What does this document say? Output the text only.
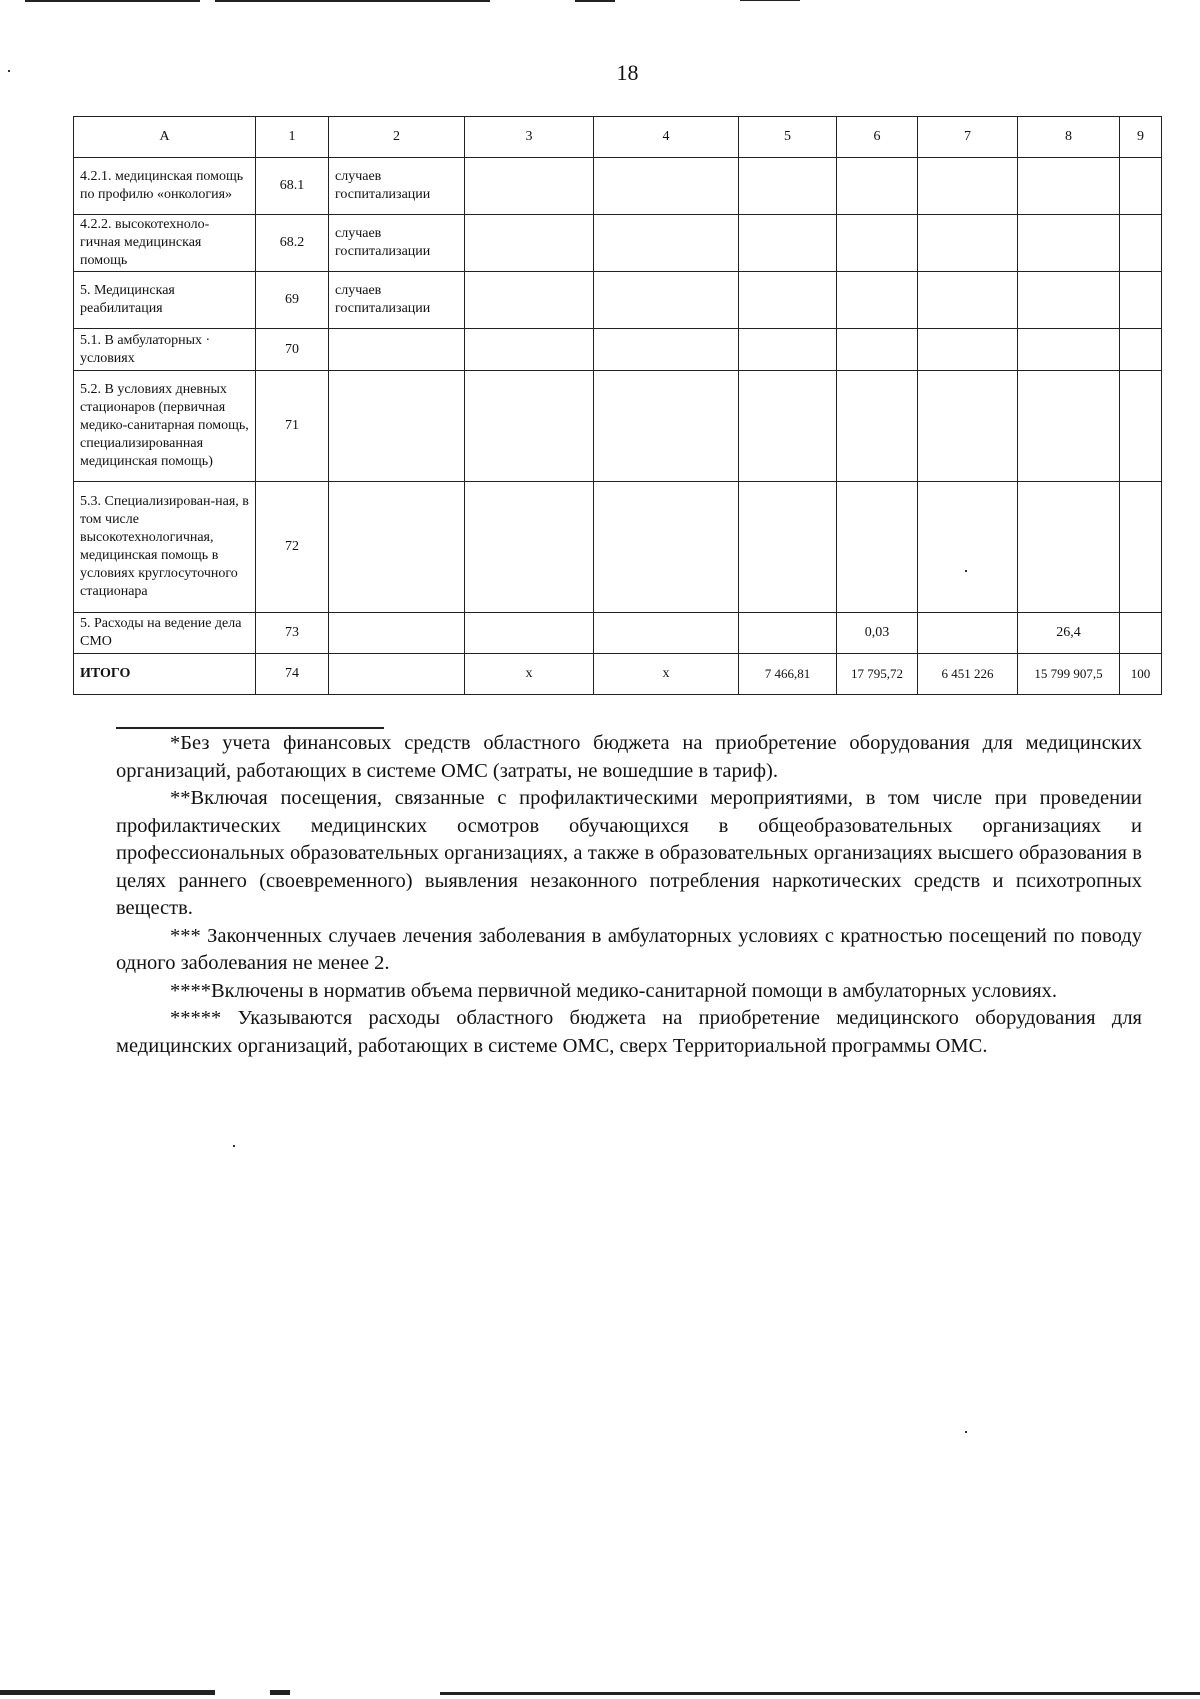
18
А	1	2	3	4	5	6	7	8	9
4.2.1. медицинская помощь по профилю «онкология»	68.1	случаев госпитализации							
4.2.2. высокотехноло-гичная медицинская помощь	68.2	случаев госпитализации							
5. Медицинская реабилитация	69	случаев госпитализации							
5.1. В амбулаторных · условиях	70								
5.2. В условиях дневных стационаров (первичная медико-санитарная помощь, специализированная медицинская помощь)	71								
5.3. Специализирован-ная, в том числе высокотехнологичная, медицинская помощь в условиях круглосуточного стационара	72								
5. Расходы на ведение дела СМО	73					0,03		26,4	
ИТОГО	74		х	х	7 466,81	17 795,72	6 451 226	15 799 907,5	100

*Без учета финансовых средств областного бюджета на приобретение оборудования для медицинских организаций, работающих в системе ОМС (затраты, не вошедшие в тариф).

**Включая посещения, связанные с профилактическими мероприятиями, в том числе при проведении профилактических медицинских осмотров обучающихся в общеобразовательных организациях и профессиональных образовательных организациях, а также в образовательных организациях высшего образования в целях раннего (своевременного) выявления незаконного потребления наркотических средств и психотропных веществ.

*** Законченных случаев лечения заболевания в амбулаторных условиях с кратностью посещений по поводу одного заболевания не менее 2.

****Включены в норматив объема первичной медико-санитарной помощи в амбулаторных условиях.

***** Указываются расходы областного бюджета на приобретение медицинского оборудования для медицинских организаций, работающих в системе ОМС, сверх Территориальной программы ОМС.
